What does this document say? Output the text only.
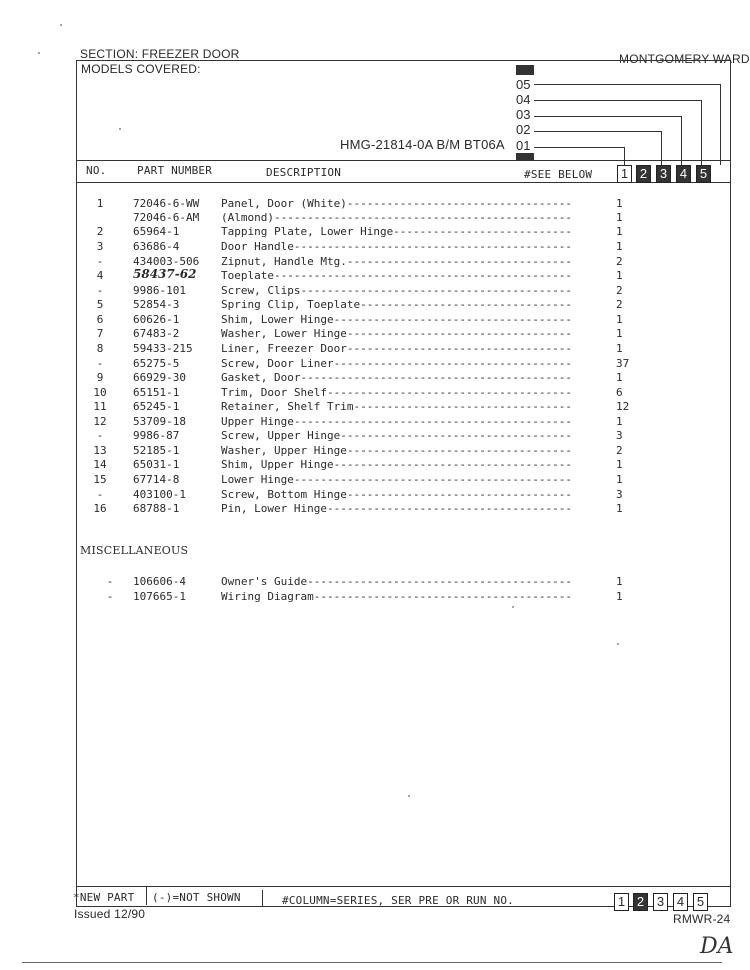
SECTION: FREEZER DOOR	MONTGOMERY WARD
MODELS COVERED:
05
04
03
02
01
HMG-21814-0A B/M BT06A
NO.	PART NUMBER	DESCRIPTION	#SEE BELOW 1 2 3 4 5
1	72046-6-WW Panel, Door (White)----------------------------------	1
72046-6-AM (Almond)---------------------------------------------	1
2	65964-1	Tapping Plate, Lower Hinge---------------------------	1
3	63686-4	Door Handle------------------------------------------	1
-	434003-506 Zipnut, Handle Mtg.----------------------------------	2
4	58437-62 Toeplate---------------------------------------------	1
-	9986-101	Screw, Clips-----------------------------------------	2
5	52854-3	Spring Clip, Toeplate--------------------------------	2
6	60626-1	Shim, Lower Hinge------------------------------------	1
7	67483-2	Washer, Lower Hinge----------------------------------	1
8	59433-215	Liner, Freezer Door----------------------------------	1
-	65275-5	Screw, Door Liner------------------------------------	37
9	66929-30	Gasket, Door-----------------------------------------	1
10	65151-1	Trim, Door Shelf-------------------------------------	6
11	65245-1	Retainer, Shelf Trim---------------------------------	12
12	53709-18	Upper Hinge------------------------------------------	1
-	9986-87	Screw, Upper Hinge-----------------------------------	3
13	52185-1	Washer, Upper Hinge----------------------------------	2
14	65031-1	Shim, Upper Hinge------------------------------------	1
15	67714-8	Lower Hinge------------------------------------------	1
-	403100-1	Screw, Bottom Hinge----------------------------------	3
16	68788-1	Pin, Lower Hinge-------------------------------------	1
MISCELLANEOUS
-	106606-4	Owner's Guide----------------------------------------	1
-	107665-1	Wiring Diagram---------------------------------------	1
*NEW PART (-)=NOT SHOWN	#COLUMN=SERIES, SER PRE OR RUN NO.	1 2 3 4 5
Issued 12/90	RMWR-24
DA
